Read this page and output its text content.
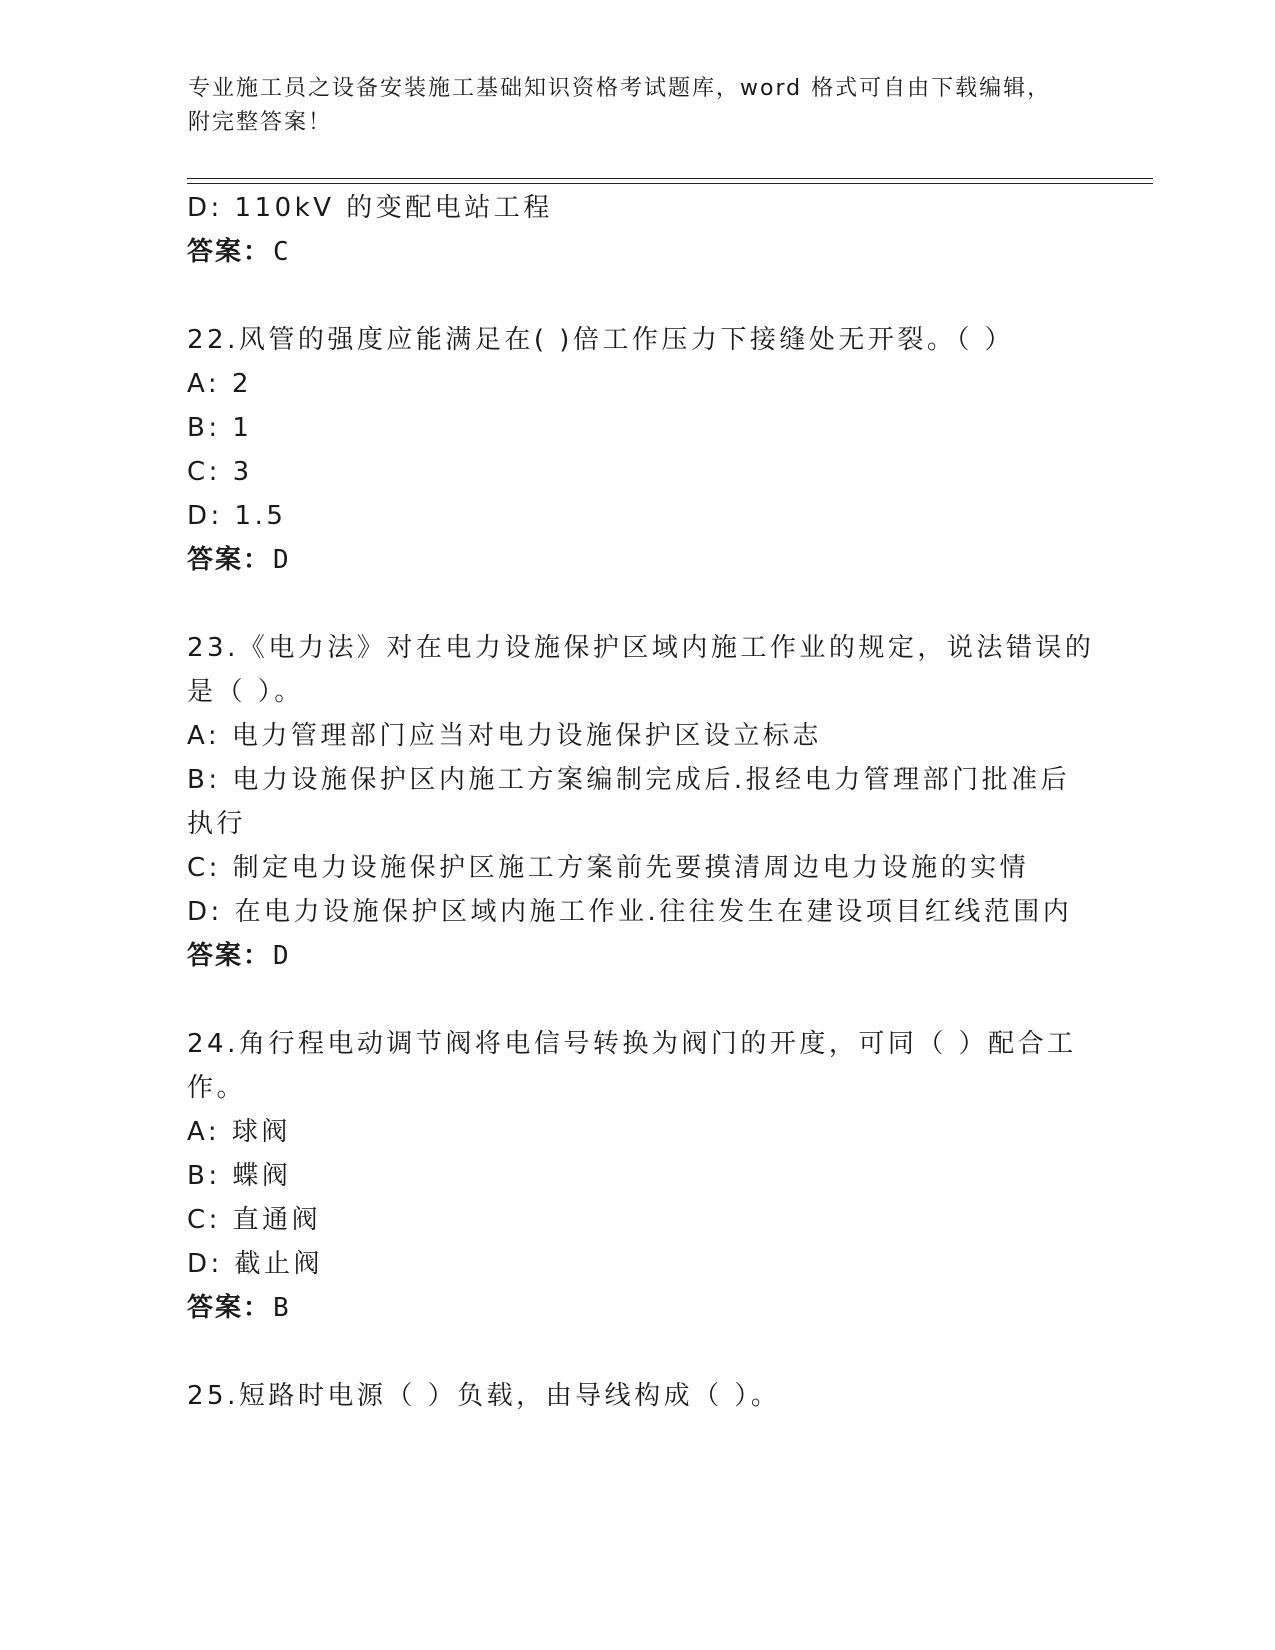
专业施工员之设备安装施工基础知识资格考试题库，word 格式可自由下载编辑，
附完整答案！
D: 110kV 的变配电站工程
答案：C
22.风管的强度应能满足在( )倍工作压力下接缝处无开裂。（ ）
A: 2
B: 1
C: 3
D: 1.5
答案：D
23.《电力法》对在电力设施保护区域内施工作业的规定，说法错误的
是（ ）。
A: 电力管理部门应当对电力设施保护区设立标志
B: 电力设施保护区内施工方案编制完成后.报经电力管理部门批准后
执行
C: 制定电力设施保护区施工方案前先要摸清周边电力设施的实情
D: 在电力设施保护区域内施工作业.往往发生在建设项目红线范围内
答案：D
24.角行程电动调节阀将电信号转换为阀门的开度，可同（ ）配合工
作。
A: 球阀
B: 蝶阀
C: 直通阀
D: 截止阀
答案：B
25.短路时电源（ ）负载，由导线构成（ ）。
